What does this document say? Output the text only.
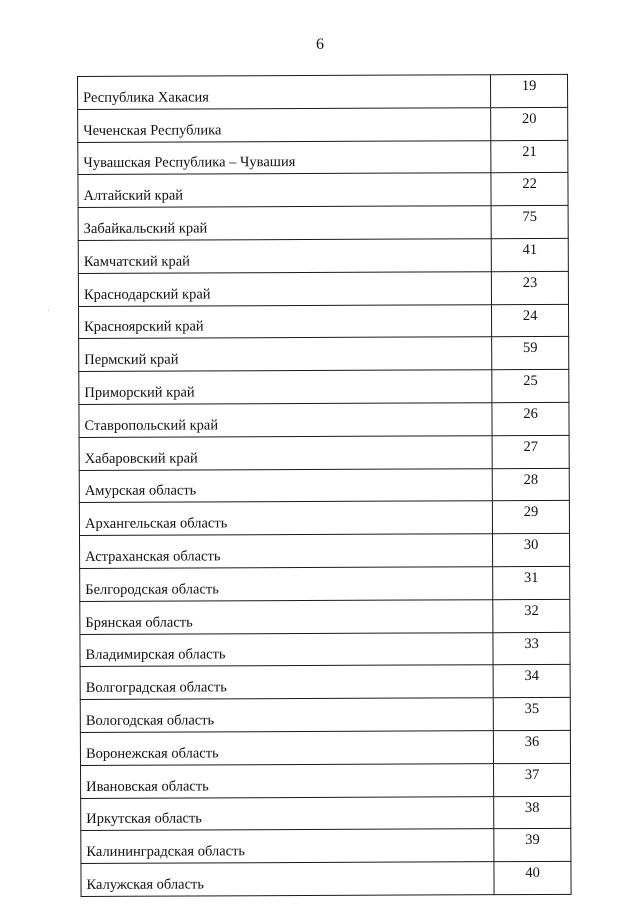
6
Республика Хакасия	19
Чеченская Республика	20
Чувашская Республика – Чувашия	21
Алтайский край	22
Забайкальский край	75
Камчатский край	41
Краснодарский край	23
Красноярский край	24
Пермский край	59
Приморский край	25
Ставропольский край	26
Хабаровский край	27
Амурская область	28
Архангельская область	29
Астраханская область	30
Белгородская область	31
Брянская область	32
Владимирская область	33
Волгоградская область	34
Вологодская область	35
Воронежская область	36
Ивановская область	37
Иркутская область	38
Калининградская область	39
Калужская область	40
